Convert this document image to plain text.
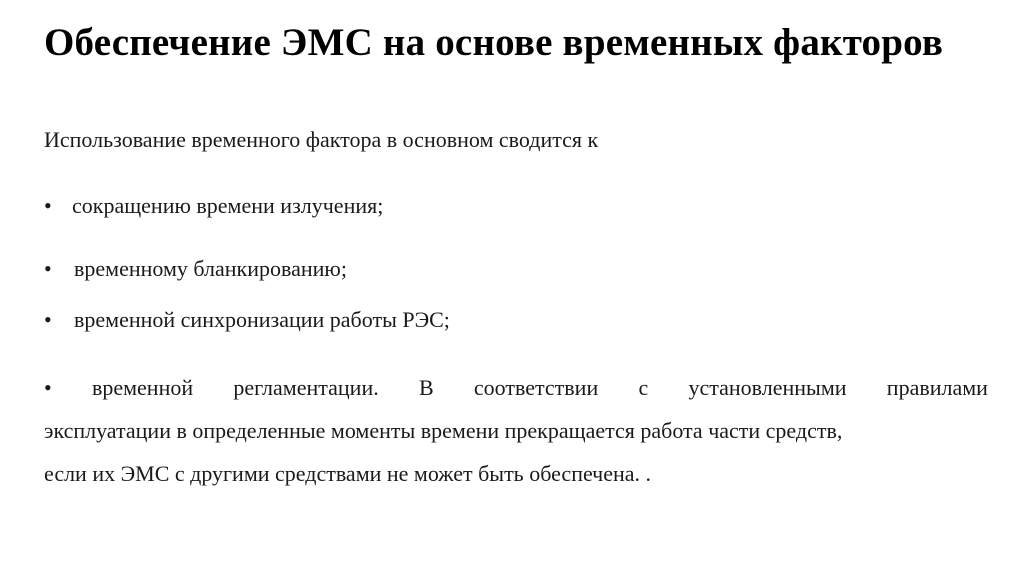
Обеспечение ЭМС на основе временных факторов
Использование временного фактора в основном сводится к
• сокращению времени излучения;
• временному бланкированию;
• временной синхронизации работы РЭС;
• временной регламентации. В соответствии с установленными правилами
эксплуатации в определенные моменты времени прекращается работа части средств,
если их ЭМС с другими средствами не может быть обеспечена. .
